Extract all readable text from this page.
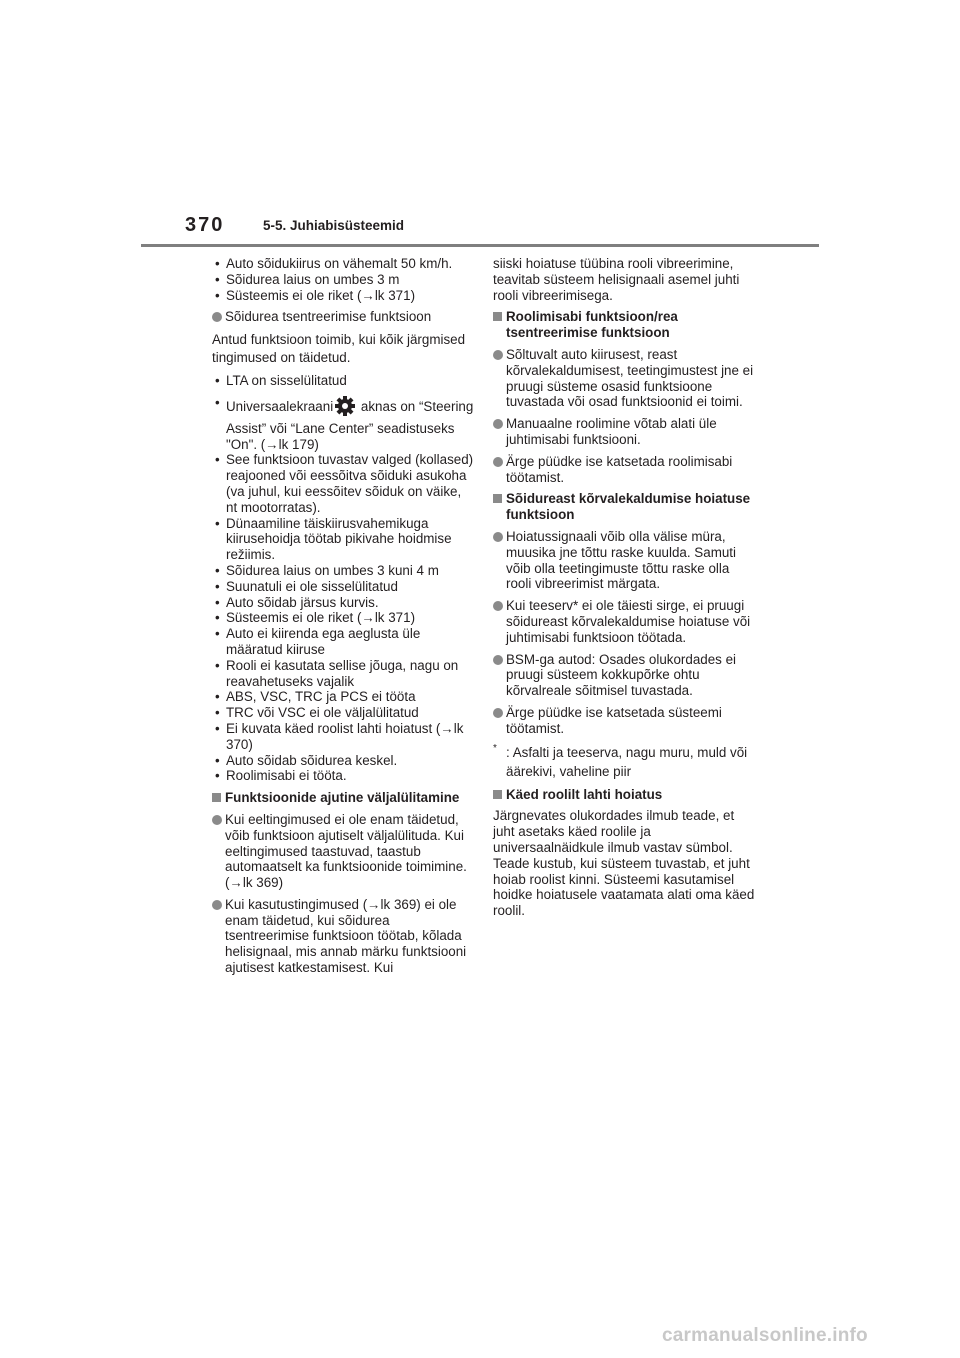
370	5-5. Juhiabisüsteemid
• Auto sõidukiirus on vähemalt 50 km/h.
• Sõidurea laius on umbes 3 m
• Süsteemis ei ole riket (→lk 371)
Sõidurea tsentreerimise funktsioon
Antud funktsioon toimib, kui kõik järgmised tingimused on täidetud.
• LTA on sisselülitatud
• Universaalekraani aknas on “Steering Assist” või “Lane Center” seadistuseks "On". (→lk 179)
• See funktsioon tuvastav valged (kollased) reajooned või eessõitva sõiduki asukoha (va juhul, kui eessõitev sõiduk on väike, nt mootorratas).
• Dünaamiline täiskiirusvahemikuga kiirusehoidja töötab pikivahe hoidmise režiimis.
• Sõidurea laius on umbes 3 kuni 4 m
• Suunatuli ei ole sisselülitatud
• Auto sõidab järsus kurvis.
• Süsteemis ei ole riket (→lk 371)
• Auto ei kiirenda ega aeglusta üle määratud kiiruse
• Rooli ei kasutata sellise jõuga, nagu on reavahetuseks vajalik
• ABS, VSC, TRC ja PCS ei tööta
• TRC või VSC ei ole väljalülitatud
• Ei kuvata käed roolist lahti hoiatust (→lk 370)
• Auto sõidab sõidurea keskel.
• Roolimisabi ei tööta.
Funktsioonide ajutine väljalülitamine
Kui eeltingimused ei ole enam täidetud, võib funktsioon ajutiselt väljalülituda. Kui eeltingimused taastuvad, taastub automaatselt ka funktsioonide toimimine. (→lk 369)
Kui kasutustingimused (→lk 369) ei ole enam täidetud, kui sõidurea tsentreerimise funktsioon töötab, kõlada helisignaal, mis annab märku funktsiooni ajutisest katkestamisest. Kui
siiski hoiatuse tüübina rooli vibreerimine, teavitab süsteem helisignaali asemel juhti rooli vibreerimisega.
Roolimisabi funktsioon/rea tsentreerimise funktsioon
Sõltuvalt auto kiirusest, reast kõrvalekaldumisest, teetingimustest jne ei pruugi süsteme osasid funktsioone tuvastada või osad funktsioonid ei toimi.
Manuaalne roolimine võtab alati üle juhtimisabi funktsiooni.
Ärge püüdke ise katsetada roolimisabi töötamist.
Sõidureast kõrvalekaldumise hoiatuse funktsioon
Hoiatussignaali võib olla välise müra, muusika jne tõttu raske kuulda. Samuti võib olla teetingimuste tõttu raske olla rooli vibreerimist märgata.
Kui teeserv* ei ole täiesti sirge, ei pruugi sõidureast kõrvalekaldumise hoiatuse või juhtimisabi funktsioon töötada.
BSM-ga autod: Osades olukordades ei pruugi süsteem kokkupõrke ohtu kõrvalreale sõitmisel tuvastada.
Ärge püüdke ise katsetada süsteemi töötamist.
* : Asfalti ja teeserva, nagu muru, muld või äärekivi, vaheline piir
Käed roolilt lahti hoiatus
Järgnevates olukordades ilmub teade, et juht asetaks käed roolile ja universaalnäidkule ilmub vastav sümbol. Teade kustub, kui süsteem tuvastab, et juht hoiab roolist kinni. Süsteemi kasutamisel hoidke hoiatusele vaatamata alati oma käed roolil.
carmanualsonline.info
